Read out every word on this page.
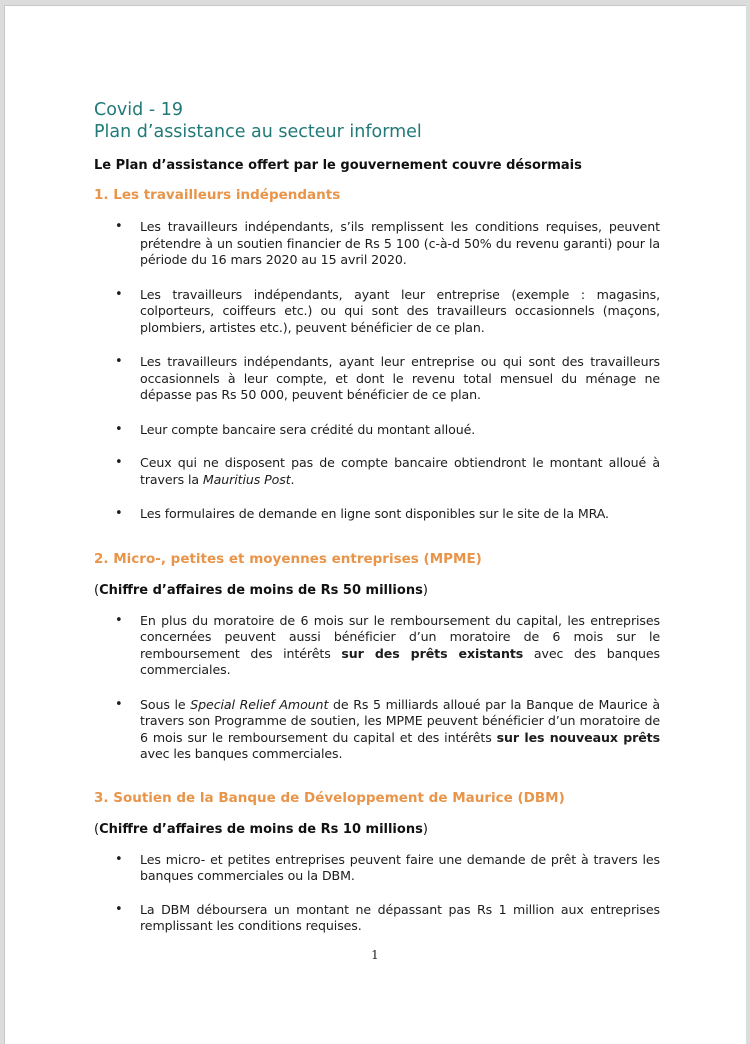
Covid - 19

Plan d’assistance au secteur informel

Le Plan d’assistance offert par le gouvernement couvre désormais

1. Les travailleurs indépendants

• Les travailleurs indépendants, s’ils remplissent les conditions requises, peuvent prétendre à un soutien financier de Rs 5 100 (c-à-d 50% du revenu garanti) pour la période du 16 mars 2020 au 15 avril 2020.
• Les travailleurs indépendants, ayant leur entreprise (exemple : magasins, colporteurs, coiffeurs etc.) ou qui sont des travailleurs occasionnels (maçons, plombiers, artistes etc.), peuvent bénéficier de ce plan.
• Les travailleurs indépendants, ayant leur entreprise ou qui sont des travailleurs occasionnels à leur compte, et dont le revenu total mensuel du ménage ne dépasse pas Rs 50 000, peuvent bénéficier de ce plan.
• Leur compte bancaire sera crédité du montant alloué.
• Ceux qui ne disposent pas de compte bancaire obtiendront le montant alloué à travers la Mauritius Post.
• Les formulaires de demande en ligne sont disponibles sur le site de la MRA.

2. Micro-, petites et moyennes entreprises (MPME)

(Chiffre d’affaires de moins de Rs 50 millions)

• En plus du moratoire de 6 mois sur le remboursement du capital, les entreprises concernées peuvent aussi bénéficier d’un moratoire de 6 mois sur le remboursement des intérêts sur des prêts existants avec des banques commerciales.
• Sous le Special Relief Amount de Rs 5 milliards alloué par la Banque de Maurice à travers son Programme de soutien, les MPME peuvent bénéficier d’un moratoire de 6 mois sur le remboursement du capital et des intérêts sur les nouveaux prêts avec les banques commerciales.

3. Soutien de la Banque de Développement de Maurice (DBM)

(Chiffre d’affaires de moins de Rs 10 millions)

• Les micro- et petites entreprises peuvent faire une demande de prêt à travers les banques commerciales ou la DBM.
• La DBM déboursera un montant ne dépassant pas Rs 1 million aux entreprises remplissant les conditions requises.
1
